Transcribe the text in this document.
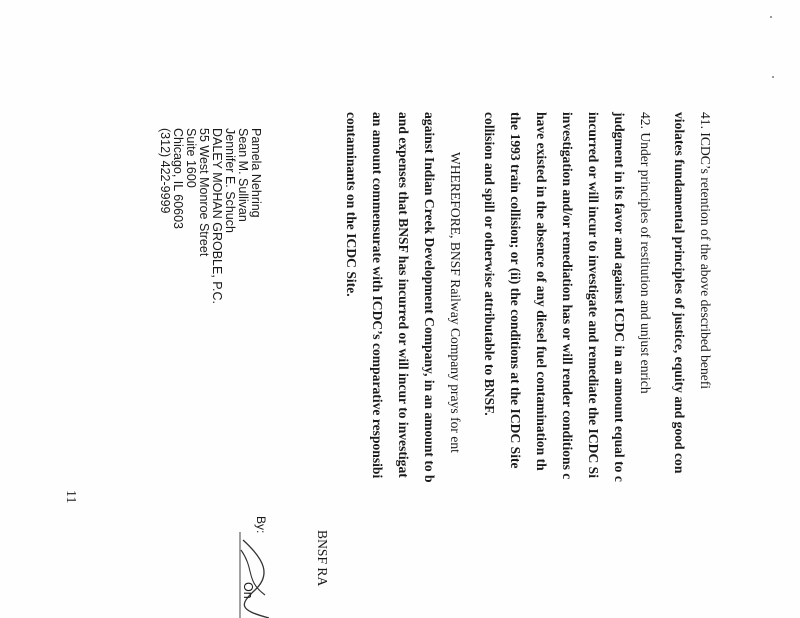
41. ICDC’s retention of the above described benefi
violates fundamental principles of justice, equity and good con
42. Under principles of restitution and unjust enrich
judgment in its favor and against ICDC in an amount equal to c
incurred or will incur to investigate and remediate the ICDC Si
investigation and/or remediation has or will render conditions c
have existed in the absence of any diesel fuel contamination th
the 1993 train collision; or (ii) the conditions at the ICDC Site
collision and spill or otherwise attributable to BNSF.
WHEREFORE, BNSF Railway Company prays for ent
against Indian Creek Development Company, in an amount to b
and expenses that BNSF has incurred or will incur to investigat
an amount commensurate with ICDC’s comparative responsibi
contaminants on the ICDC Site.
BNSF RA
By:
On
Pamela Nehring
Sean M. Sullivan
Jennifer E. Schuch
DALEY MOHAN GROBLE, P.C.
55 West Monroe Street
Suite 1600
Chicago, IL 60603
(312) 422-9999
11
